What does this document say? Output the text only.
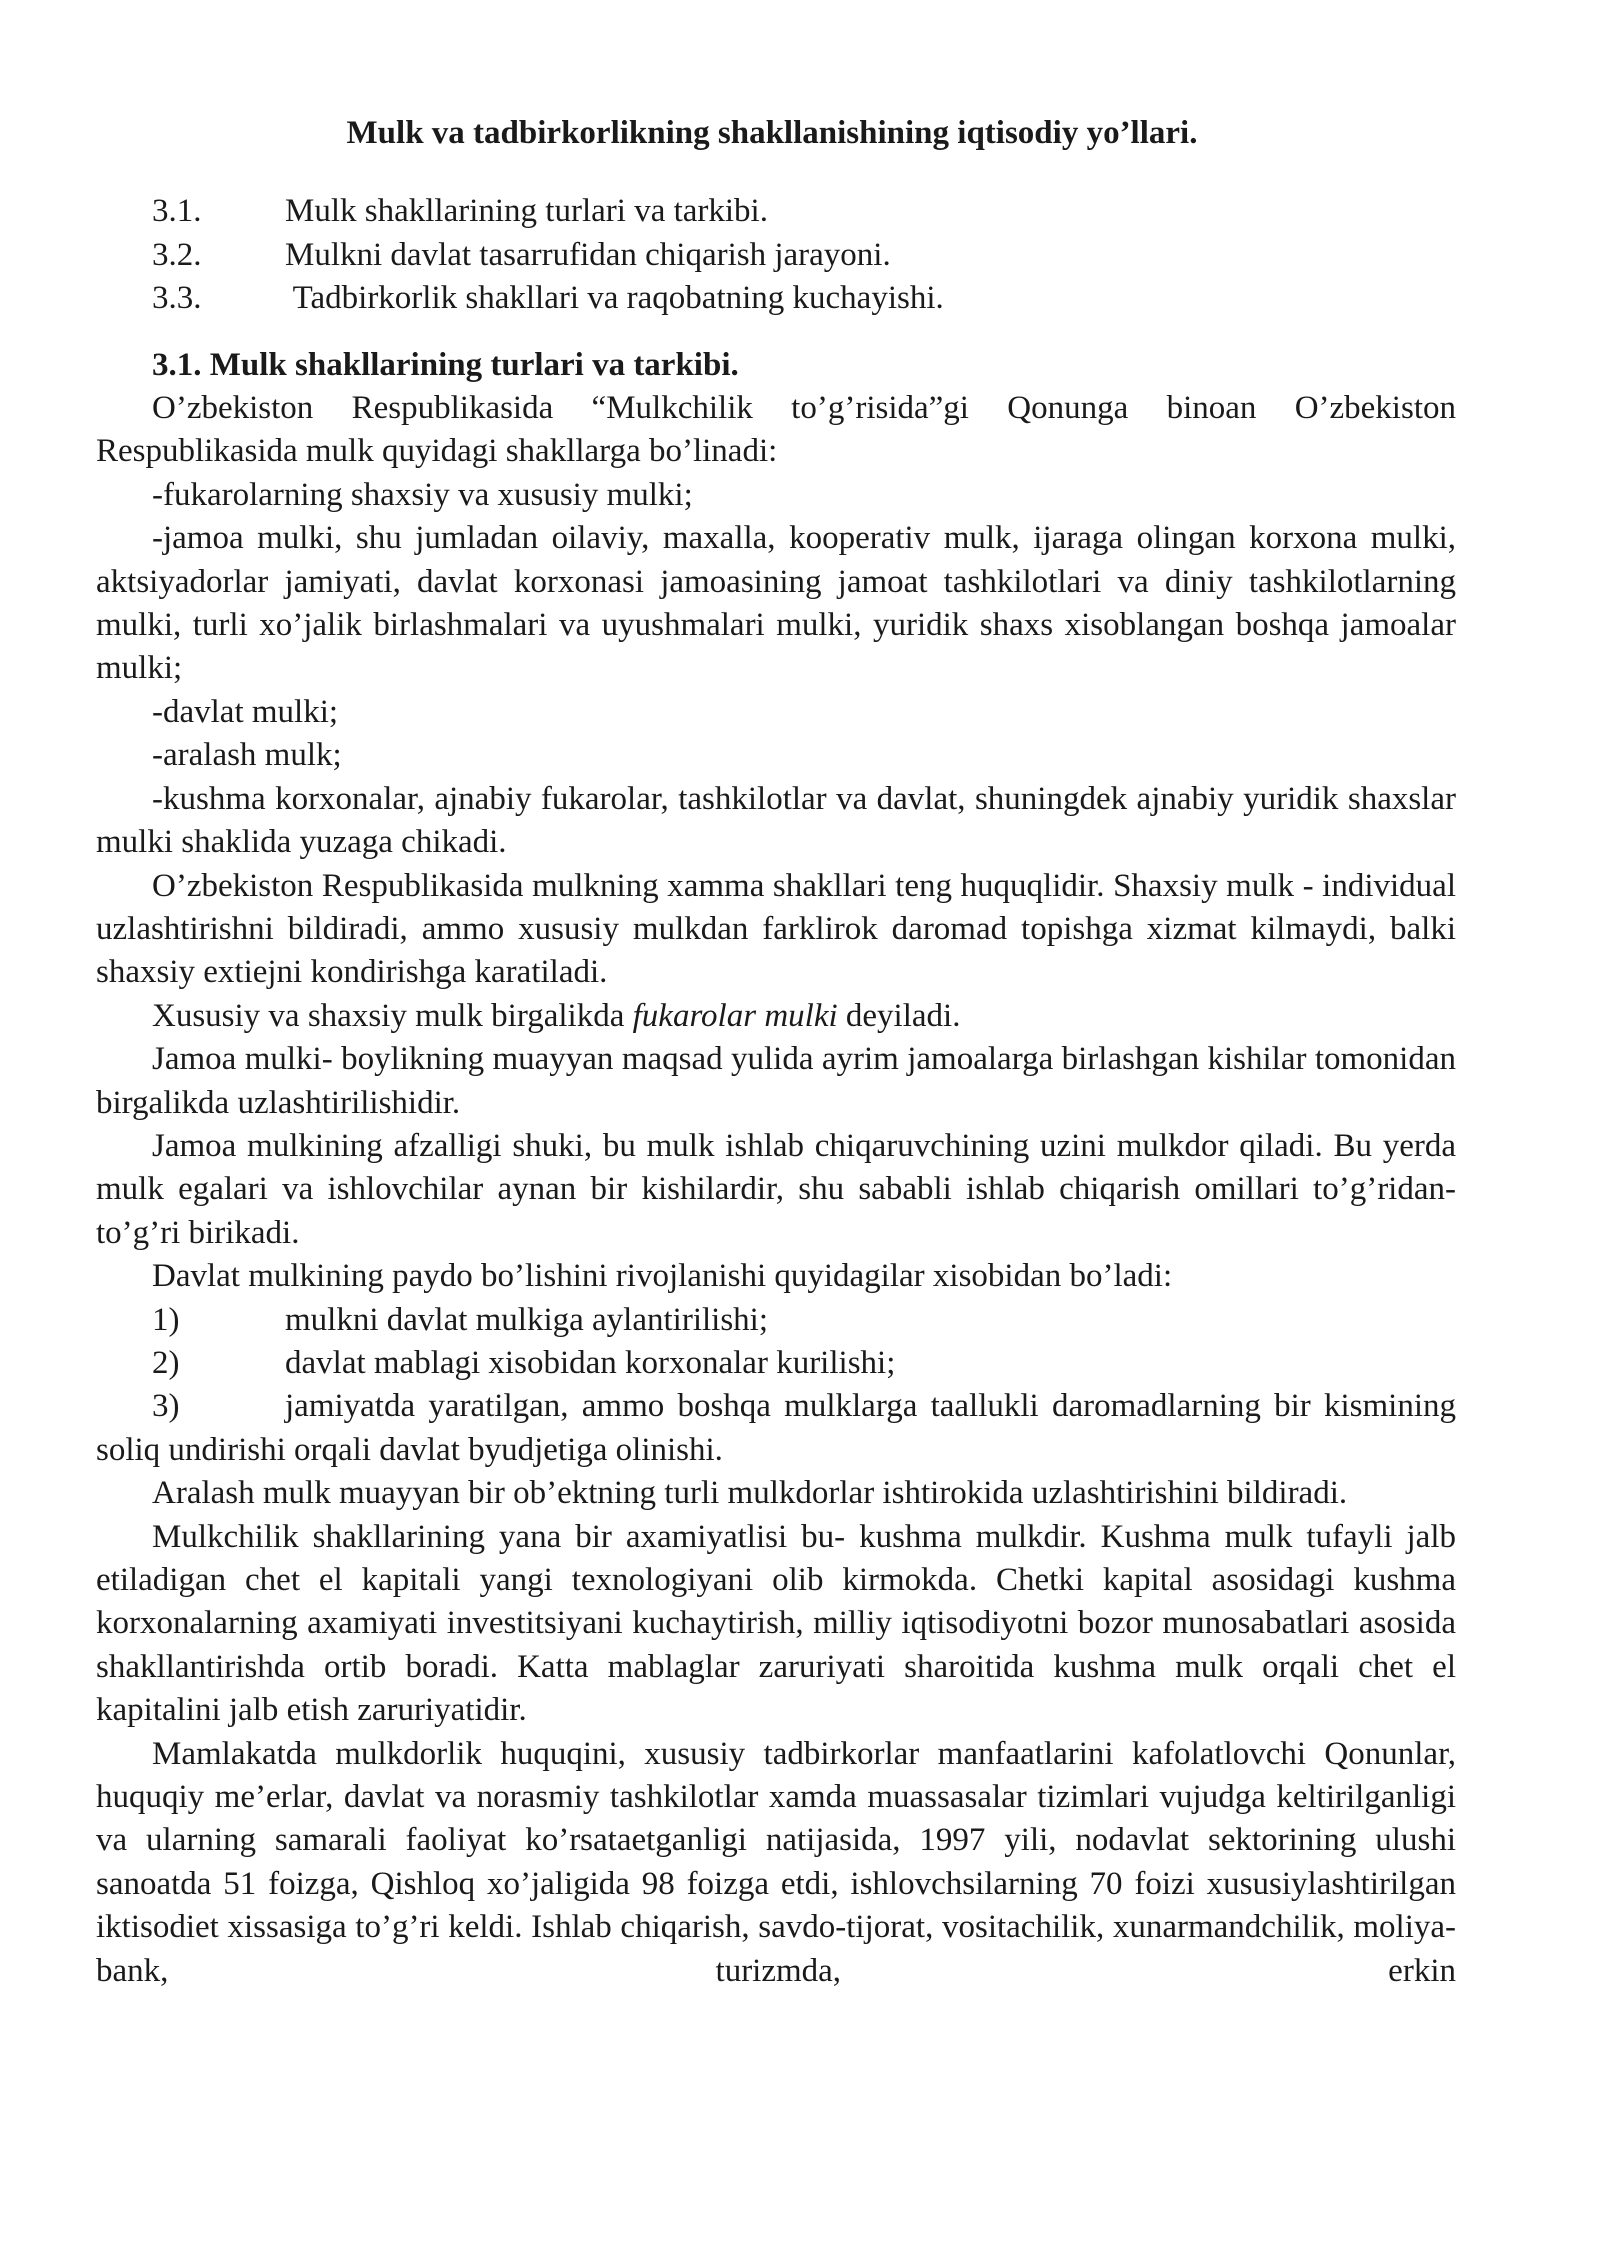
Mulk va tadbirkorlikning shakllanishining iqtisodiy yo’llari.
3.1.	Mulk shakllarining turlari va tarkibi.
3.2.	Mulkni davlat tasarrufidan chiqarish jarayoni.
3.3.	Tadbirkorlik shakllari va raqobatning kuchayishi.
3.1. Mulk shakllarining turlari va tarkibi.

O’zbekiston Respublikasida “Mulkchilik to’g’risida”gi Qonunga binoan O’zbekiston Respublikasida mulk quyidagi shakllarga bo’linadi:

-fukarolarning shaxsiy va xususiy mulki;

-jamoa mulki, shu jumladan oilaviy, maxalla, kooperativ mulk, ijaraga olingan korxona mulki, aktsiyadorlar jamiyati, davlat korxonasi jamoasining jamoat tashkilotlari va diniy tashkilotlarning mulki, turli xo’jalik birlashmalari va uyushmalari mulki, yuridik shaxs xisoblangan boshqa jamoalar mulki;

-davlat mulki;

-aralash mulk;

-kushma korxonalar, ajnabiy fukarolar, tashkilotlar va davlat, shuningdek ajnabiy yuridik shaxslar mulki shaklida yuzaga chikadi.

O’zbekiston Respublikasida mulkning xamma shakllari teng huquqlidir. Shaxsiy mulk - individual uzlashtirishni bildiradi, ammo xususiy mulkdan farklirok daromad topishga xizmat kilmaydi, balki shaxsiy extiejni kondirishga karatiladi.

Xususiy va shaxsiy mulk birgalikda fukarolar mulki deyiladi.

Jamoa mulki- boylikning muayyan maqsad yulida ayrim jamoalarga birlashgan kishilar tomonidan birgalikda uzlashtirilishidir.

Jamoa mulkining afzalligi shuki, bu mulk ishlab chiqaruvchining uzini mulkdor qiladi. Bu yerda mulk egalari va ishlovchilar aynan bir kishilardir, shu sababli ishlab chiqarish omillari to’g’ridan- to’g’ri birikadi.

Davlat mulkining paydo bo’lishini rivojlanishi quyidagilar xisobidan bo’ladi:

1)	mulkni davlat mulkiga aylantirilishi;

2)	davlat mablagi xisobidan korxonalar kurilishi;

3)	jamiyatda yaratilgan, ammo boshqa mulklarga taallukli daromadlarning bir kismining soliq undirishi orqali davlat byudjetiga olinishi.

Aralash mulk muayyan bir ob’ektning turli mulkdorlar ishtirokida uzlashtirishini bildiradi.

Mulkchilik shakllarining yana bir axamiyatlisi bu- kushma mulkdir. Kushma mulk tufayli jalb etiladigan chet el kapitali yangi texnologiyani olib kirmokda. Chetki kapital asosidagi kushma korxonalarning axamiyati investitsiyani kuchaytirish, milliy iqtisodiyotni bozor munosabatlari asosida shakllantirishda ortib boradi. Katta mablaglar zaruriyati sharoitida kushma mulk orqali chet el kapitalini jalb etish zaruriyatidir.

Mamlakatda mulkdorlik huquqini, xususiy tadbirkorlar manfaatlarini kafolatlovchi Qonunlar, huquqiy me’erlar, davlat va norasmiy tashkilotlar xamda muassasalar tizimlari vujudga keltirilganligi va ularning samarali faoliyat ko’rsataetganligi natijasida, 1997 yili, nodavlat sektorining ulushi sanoatda 51 foizga, Qishloq xo’jaligida 98 foizga etdi, ishlovchsilarning 70 foizi xususiylashtirilgan iktisodiet xissasiga to’g’ri keldi. Ishlab chiqarish, savdo-tijorat, vositachilik, xunarmandchilik, moliya-bank, turizmda, erkin
